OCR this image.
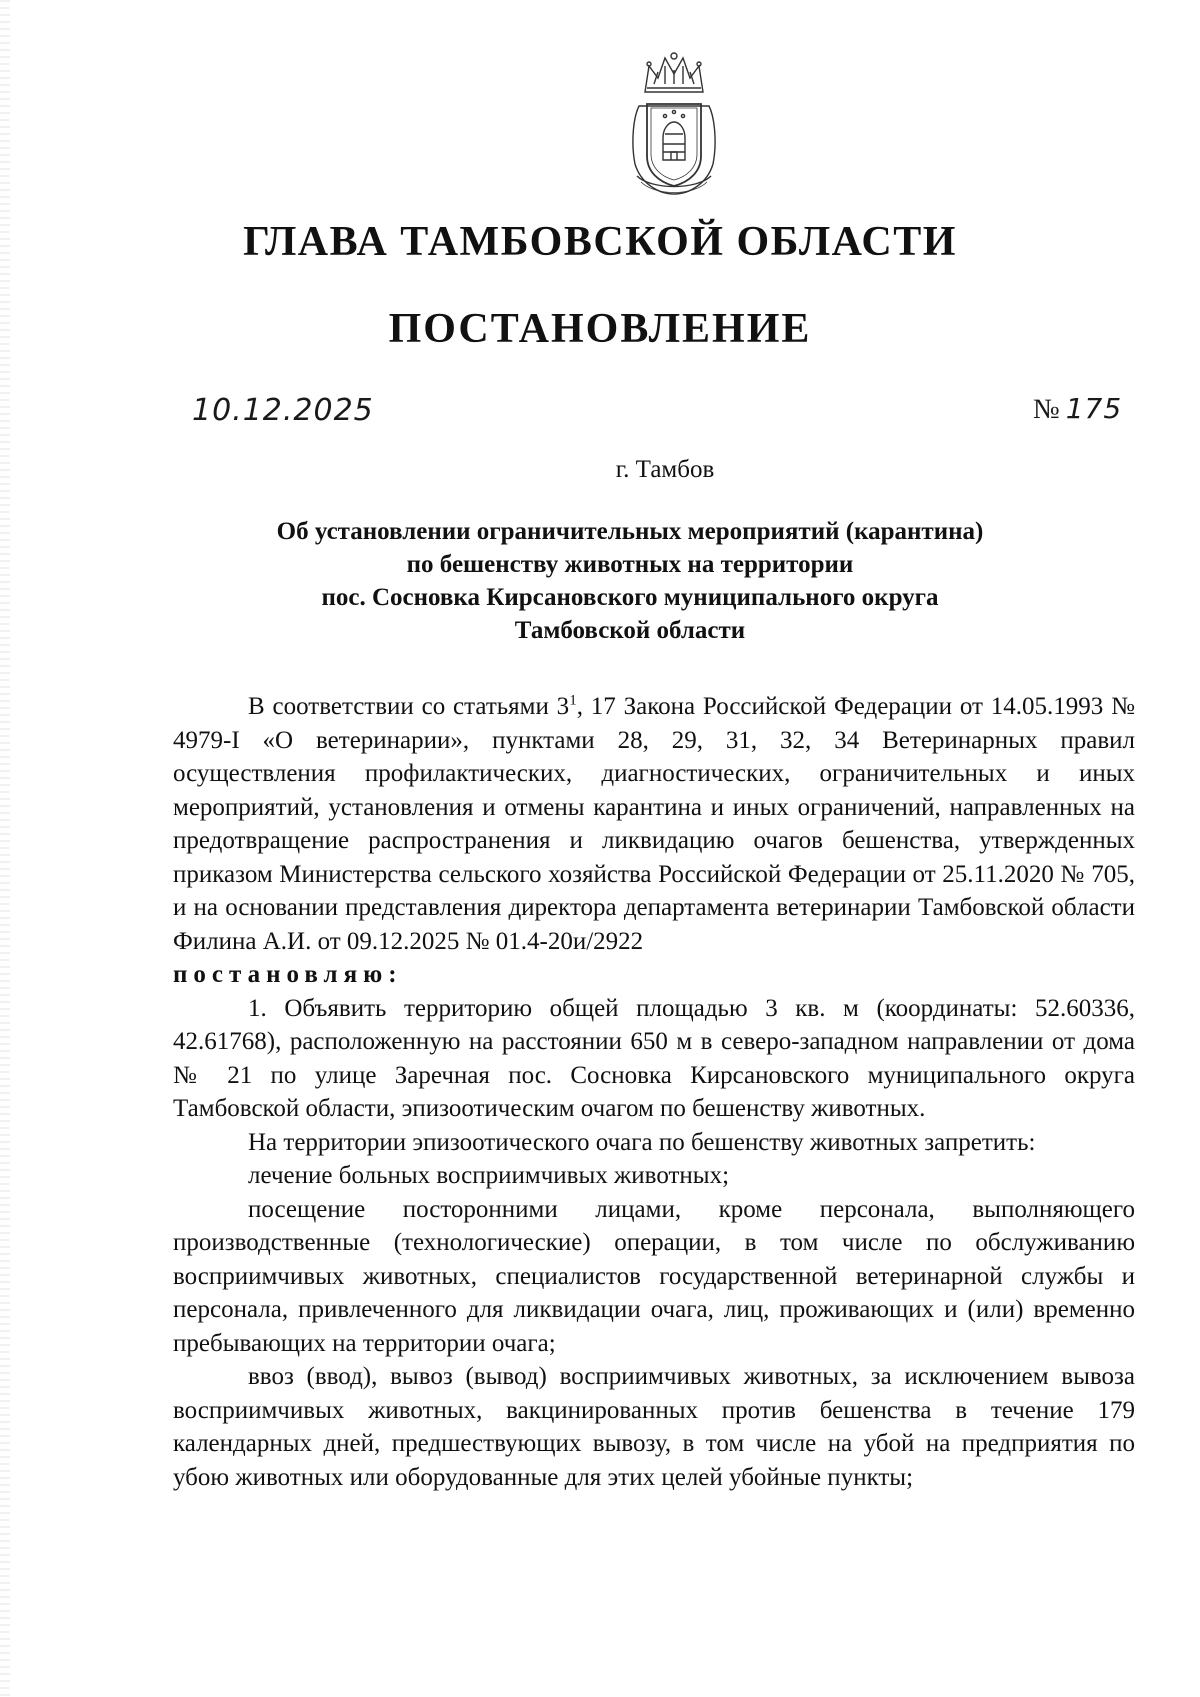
ГЛАВА ТАМБОВСКОЙ ОБЛАСТИ
ПОСТАНОВЛЕНИЕ
10.12.2025	№ 175
г. Тамбов
Об установлении ограничительных мероприятий (карантина)
по бешенству животных на территории
пос. Сосновка Кирсановского муниципального округа
Тамбовской области

В соответствии со статьями $3^1$, 17 Закона Российской Федерации от 14.05.1993 № 4979-I «О ветеринарии», пунктами 28, 29, 31, 32, 34 Ветеринарных правил осуществления профилактических, диагностических, ограничительных и иных мероприятий, установления и отмены карантина и иных ограничений, направленных на предотвращение распространения и ликвидацию очагов бешенства, утвержденных приказом Министерства сельского хозяйства Российской Федерации от 25.11.2020 № 705, и на основании представления директора департамента ветеринарии Тамбовской области Филина А.И. от 09.12.2025 № 01.4-20и/2922

постановляю:

1. Объявить территорию общей площадью 3 кв. м (координаты: 52.60336, 42.61768), расположенную на расстоянии 650 м в северо-западном направлении от дома № 21 по улице Заречная пос. Сосновка Кирсановского муниципального округа Тамбовской области, эпизоотическим очагом по бешенству животных.

На территории эпизоотического очага по бешенству животных запретить:

лечение больных восприимчивых животных;

посещение посторонними лицами, кроме персонала, выполняющего производственные (технологические) операции, в том числе по обслуживанию восприимчивых животных, специалистов государственной ветеринарной службы и персонала, привлеченного для ликвидации очага, лиц, проживающих и (или) временно пребывающих на территории очага;

ввоз (ввод), вывоз (вывод) восприимчивых животных, за исключением вывоза восприимчивых животных, вакцинированных против бешенства в течение 179 календарных дней, предшествующих вывозу, в том числе на убой на предприятия по убою животных или оборудованные для этих целей убойные пункты;
